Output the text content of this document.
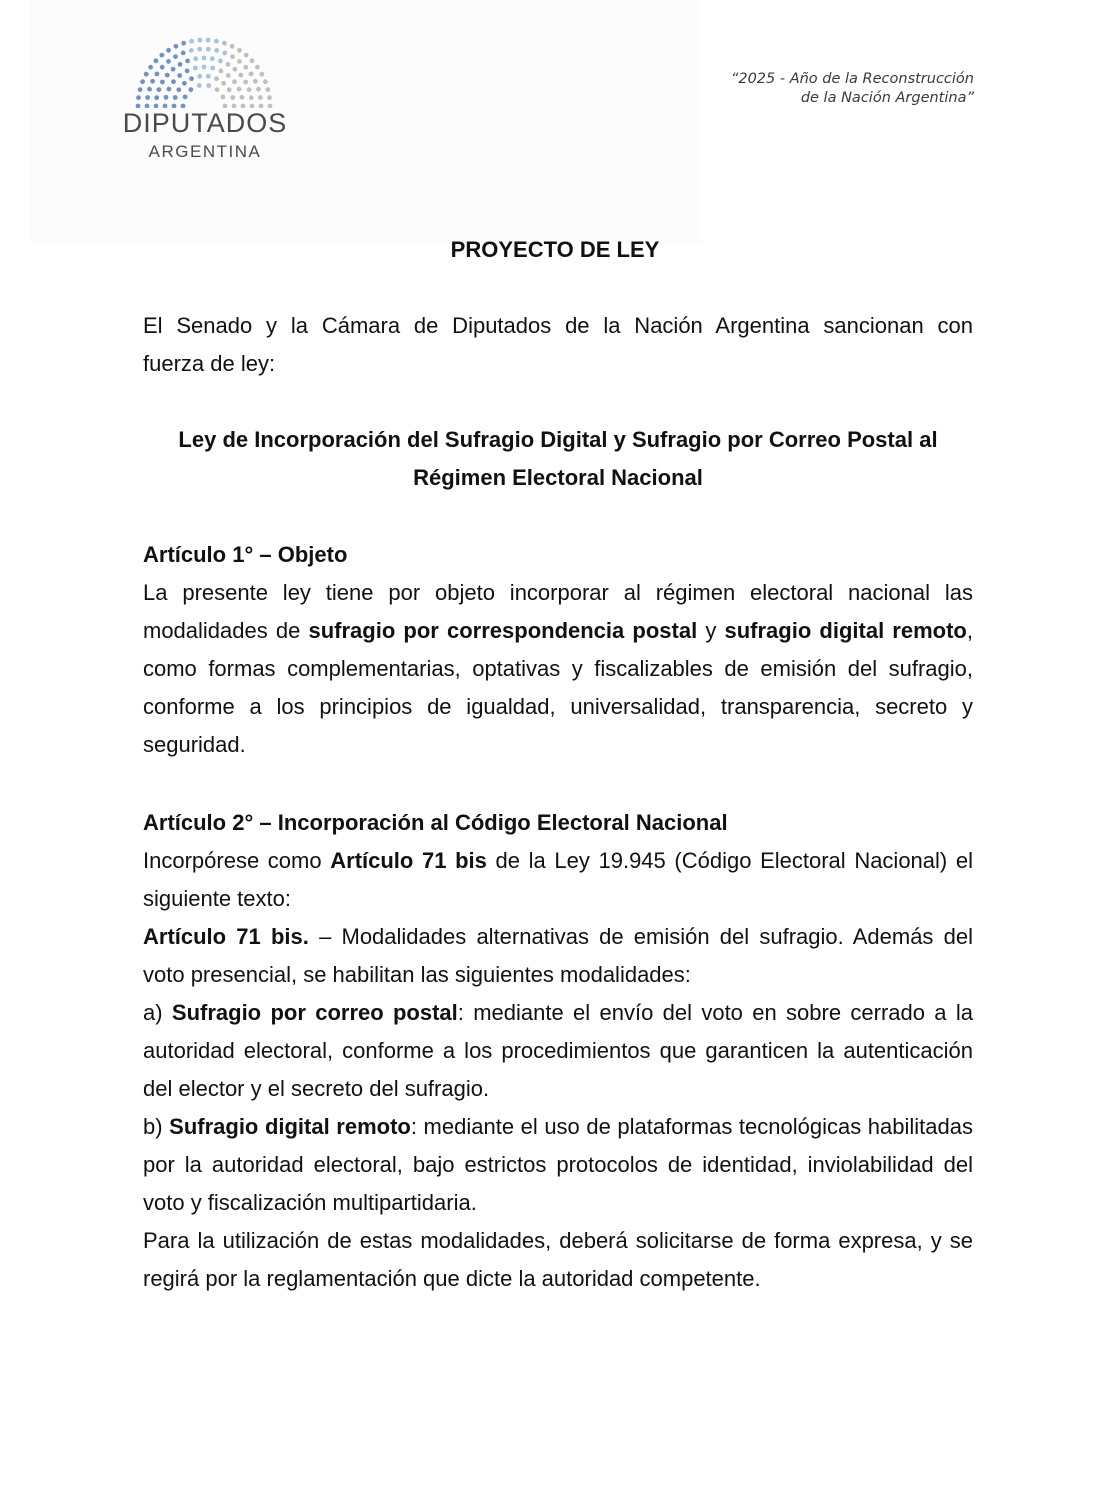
DIPUTADOS
ARGENTINA
“2025 - Año de la Reconstrucción
de la Nación Argentina”
PROYECTO DE LEY

El Senado y la Cámara de Diputados de la Nación Argentina sancionan con

fuerza de ley:

Ley de Incorporación del Sufragio Digital y Sufragio por Correo Postal al
Régimen Electoral Nacional

Artículo 1° – Objeto

La presente ley tiene por objeto incorporar al régimen electoral nacional las modalidades de sufragio por correspondencia postal y sufragio digital remoto, como formas complementarias, optativas y fiscalizables de emisión del sufragio, conforme a los principios de igualdad, universalidad, transparencia, secreto y seguridad.

Artículo 2° – Incorporación al Código Electoral Nacional

Incorpórese como Artículo 71 bis de la Ley 19.945 (Código Electoral Nacional) el siguiente texto:

Artículo 71 bis. – Modalidades alternativas de emisión del sufragio. Además del voto presencial, se habilitan las siguientes modalidades:

a) Sufragio por correo postal: mediante el envío del voto en sobre cerrado a la autoridad electoral, conforme a los procedimientos que garanticen la autenticación del elector y el secreto del sufragio.

b) Sufragio digital remoto: mediante el uso de plataformas tecnológicas habilitadas por la autoridad electoral, bajo estrictos protocolos de identidad, inviolabilidad del voto y fiscalización multipartidaria.

Para la utilización de estas modalidades, deberá solicitarse de forma expresa, y se regirá por la reglamentación que dicte la autoridad competente.
